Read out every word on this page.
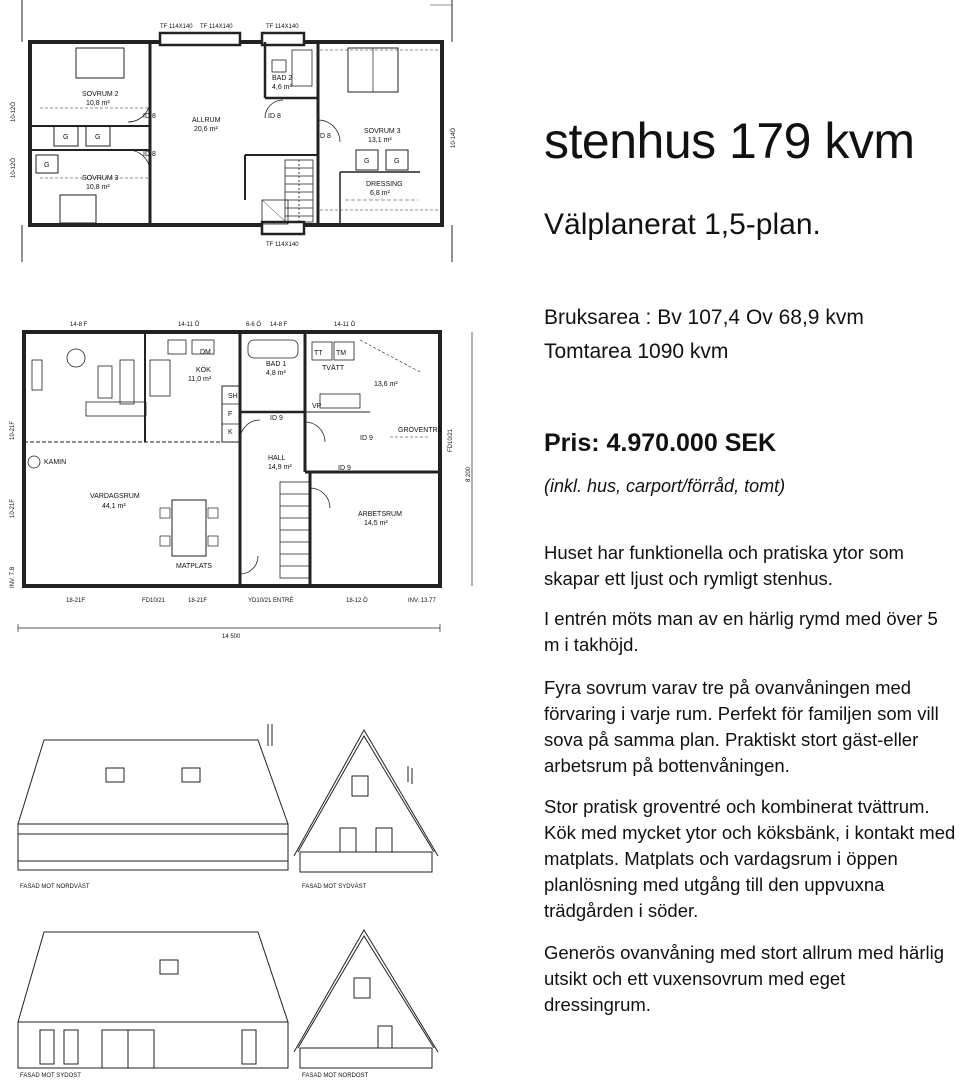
TF 114X140 TF 114X140	TF 114X140
TF 114X140
10-12Ö
10-12Ö
10-14Ö
SOVRUM 2
10,8 m²
SOVRUM 3
10,8 m²
ALLRUM
20,6 m²
BAD 2
4,6 m²
SOVRUM 3
13,1 m²
DRESSING
6,8 m²
ID 8
ID 8
ID 8
ID 8
G	G
G
G	G
14-8 F	14-11 Ö	6-6 Ö 14-8 F	14-11 Ö
18-21F	FD10/21	18-21F	YD10/21 ENTRÉ	18-12 Ö
10-21F
10-21F
INV. 7.8
FD10/21
8 200
INV. 13.77
14 500
KÖK
11,0 m²
BAD 1
4,8 m²
TVÄTT
13,6 m²
GROVENTRÉ
VARDAGSRUM
44,1 m²
HALL
14,9 m²
ARBETSRUM
14,5 m²
MATPLATS
KAMIN
DM
SH
F
K
TT TM
VP
ID 9
ID 9
ID 9
FASAD MOT NORDVÄST	FASAD MOT SYDVÄST
FASAD MOT SYDOST	FASAD MOT NORDOST
stenhus 179 kvm
Välplanerat 1,5-plan.
Bruksarea : Bv 107,4 Ov 68,9 kvm
Tomtarea 1090 kvm
Pris: 4.970.000 SEK
(inkl. hus, carport/förråd, tomt)

Huset har funktionella och pratiska ytor som skapar ett ljust och rymligt stenhus.

I entrén möts man av en härlig rymd med över 5 m i takhöjd.

Fyra sovrum varav tre på ovanvåningen med förvaring i varje rum. Perfekt för familjen som vill sova på samma plan. Praktiskt stort gäst-eller arbetsrum på bottenvåningen.

Stor pratisk groventré och kombinerat tvättrum. Kök med mycket ytor och köksbänk, i kontakt med matplats. Matplats och vardagsrum i öppen planlösning med utgång till den uppvuxna trädgården i söder.

Generös ovanvåning med stort allrum med härlig utsikt och ett vuxensovrum med eget dressingrum.
